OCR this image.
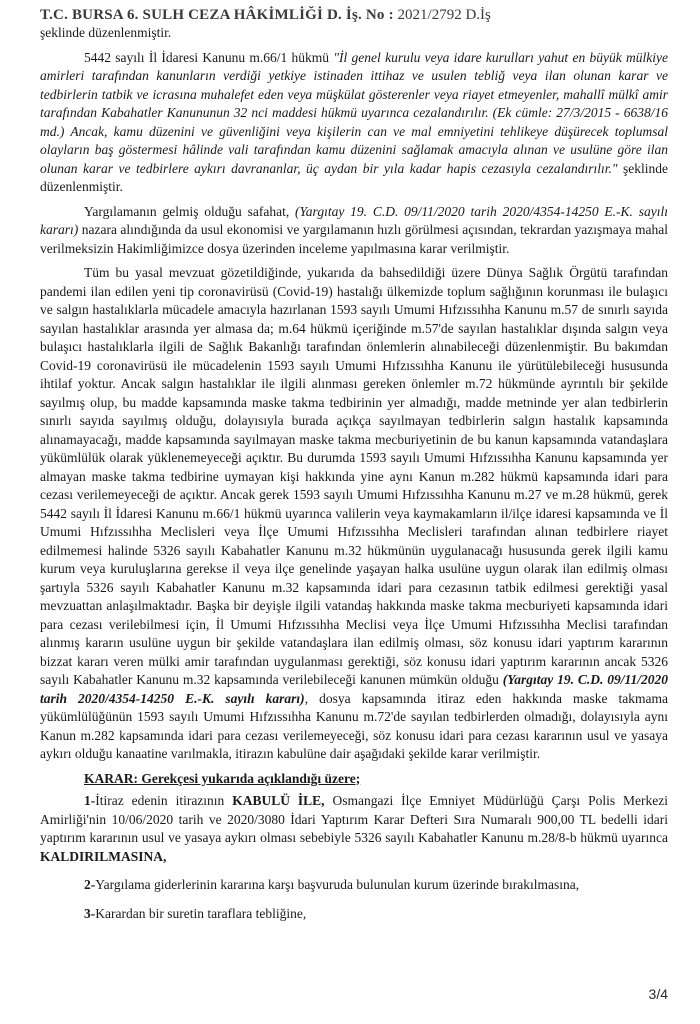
T.C. BURSA 6. SULH CEZA HÂKİMLİĞİ D. İş. No : 2021/2792 D.İş

şeklinde düzenlenmiştir.

5442 sayılı İl İdaresi Kanunu m.66/1 hükmü "İl genel kurulu veya idare kurulları yahut en büyük mülkiye amirleri tarafından kanunların verdiği yetkiye istinaden ittihaz ve usulen tebliğ veya ilan olunan karar ve tedbirlerin tatbik ve icrasına muhalefet eden veya müşkülat gösterenler veya riayet etmeyenler, mahallî mülkî amir tarafından Kabahatler Kanununun 32 nci maddesi hükmü uyarınca cezalandırılır. (Ek cümle: 27/3/2015 - 6638/16 md.) Ancak, kamu düzenini ve güvenliğini veya kişilerin can ve mal emniyetini tehlikeye düşürecek toplumsal olayların baş göstermesi hâlinde vali tarafından kamu düzenini sağlamak amacıyla alınan ve usulüne göre ilan olunan karar ve tedbirlere aykırı davrananlar, üç aydan bir yıla kadar hapis cezasıyla cezalandırılır." şeklinde düzenlenmiştir.

Yargılamanın gelmiş olduğu safahat, (Yargıtay 19. C.D. 09/11/2020 tarih 2020/4354-14250 E.-K. sayılı kararı) nazara alındığında da usul ekonomisi ve yargılamanın hızlı görülmesi açısından, tekrardan yazışmaya mahal verilmeksizin Hakimliğimizce dosya üzerinden inceleme yapılmasına karar verilmiştir.

Tüm bu yasal mevzuat gözetildiğinde, yukarıda da bahsedildiği üzere Dünya Sağlık Örgütü tarafından pandemi ilan edilen yeni tip coronavirüsü (Covid-19) hastalığı ülkemizde toplum sağlığının korunması ile bulaşıcı ve salgın hastalıklarla mücadele amacıyla hazırlanan 1593 sayılı Umumi Hıfzıssıhha Kanunu m.57 de sınırlı sayıda sayılan hastalıklar arasında yer almasa da; m.64 hükmü içeriğinde m.57'de sayılan hastalıklar dışında salgın veya bulaşıcı hastalıklarla ilgili de Sağlık Bakanlığı tarafından önlemlerin alınabileceği düzenlenmiştir. Bu bakımdan Covid-19 coronavirüsü ile mücadelenin 1593 sayılı Umumi Hıfzıssıhha Kanunu ile yürütülebileceği hususunda ihtilaf yoktur. Ancak salgın hastalıklar ile ilgili alınması gereken önlemler m.72 hükmünde ayrıntılı bir şekilde sayılmış olup, bu madde kapsamında maske takma tedbirinin yer almadığı, madde metninde yer alan tedbirlerin sınırlı sayıda sayılmış olduğu, dolayısıyla burada açıkça sayılmayan tedbirlerin salgın hastalık kapsamında alınamayacağı, madde kapsamında sayılmayan maske takma mecburiyetinin de bu kanun kapsamında vatandaşlara yükümlülük olarak yüklenemeyeceği açıktır. Bu durumda 1593 sayılı Umumi Hıfzıssıhha Kanunu kapsamında yer almayan maske takma tedbirine uymayan kişi hakkında yine aynı Kanun m.282 hükmü kapsamında idari para cezası verilemeyeceği de açıktır. Ancak gerek 1593 sayılı Umumi Hıfzıssıhha Kanunu m.27 ve m.28 hükmü, gerek 5442 sayılı İl İdaresi Kanunu m.66/1 hükmü uyarınca valilerin veya kaymakamların il/ilçe idaresi kapsamında ve İl Umumi Hıfzıssıhha Meclisleri veya İlçe Umumi Hıfzıssıhha Meclisleri tarafından alınan tedbirlere riayet edilmemesi halinde 5326 sayılı Kabahatler Kanunu m.32 hükmünün uygulanacağı hususunda gerek ilgili kamu kurum veya kuruluşlarına gerekse il veya ilçe genelinde yaşayan halka usulüne uygun olarak ilan edilmiş olması şartıyla 5326 sayılı Kabahatler Kanunu m.32 kapsamında idari para cezasının tatbik edilmesi gerektiği yasal mevzuattan anlaşılmaktadır. Başka bir deyişle ilgili vatandaş hakkında maske takma mecburiyeti kapsamında idari para cezası verilebilmesi için, İl Umumi Hıfzıssıhha Meclisi veya İlçe Umumi Hıfzıssıhha Meclisi tarafından alınmış kararın usulüne uygun bir şekilde vatandaşlara ilan edilmiş olması, söz konusu idari yaptırım kararının bizzat kararı veren mülki amir tarafından uygulanması gerektiği, söz konusu idari yaptırım kararının ancak 5326 sayılı Kabahatler Kanunu m.32 kapsamında verilebileceği kanunen mümkün olduğu (Yargıtay 19. C.D. 09/11/2020 tarih 2020/4354-14250 E.-K. sayılı kararı), dosya kapsamında itiraz eden hakkında maske takmama yükümlülüğünün 1593 sayılı Umumi Hıfzıssıhha Kanunu m.72'de sayılan tedbirlerden olmadığı, dolayısıyla aynı Kanun m.282 kapsamında idari para cezası verilemeyeceği, söz konusu idari para cezası kararının usul ve yasaya aykırı olduğu kanaatine varılmakla, itirazın kabulüne dair aşağıdaki şekilde karar verilmiştir.

KARAR: Gerekçesi yukarıda açıklandığı üzere;

1-İtiraz edenin itirazının KABULÜ İLE, Osmangazi İlçe Emniyet Müdürlüğü Çarşı Polis Merkezi Amirliği'nin 10/06/2020 tarih ve 2020/3080 İdari Yaptırım Karar Defteri Sıra Numaralı 900,00 TL bedelli idari yaptırım kararının usul ve yasaya aykırı olması sebebiyle 5326 sayılı Kabahatler Kanunu m.28/8-b hükmü uyarınca KALDIRILMASINA,

2-Yargılama giderlerinin kararına karşı başvuruda bulunulan kurum üzerinde bırakılmasına,

3-Karardan bir suretin taraflara tebliğine,

3/4
